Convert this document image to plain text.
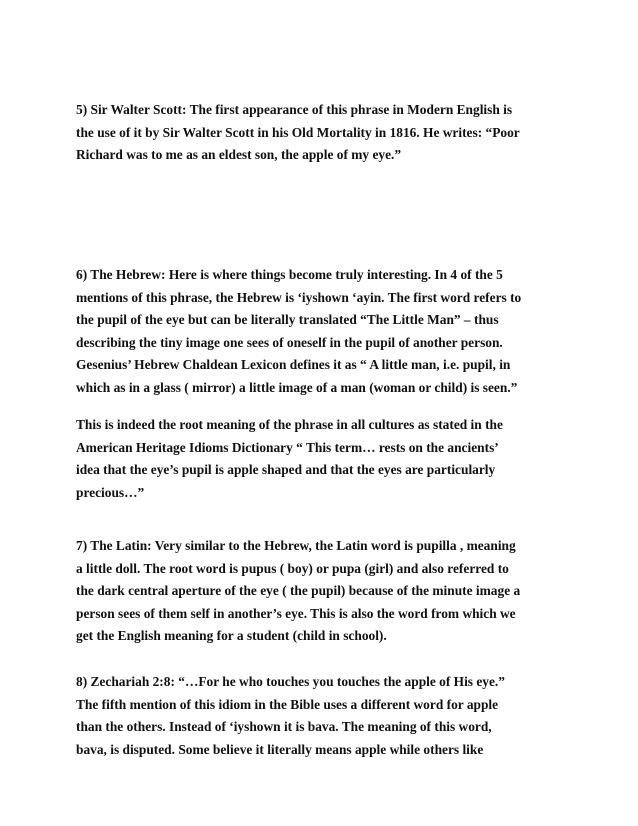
5) Sir Walter Scott: The first appearance of this phrase in Modern English is
the use of it by Sir Walter Scott in his Old Mortality in 1816. He writes: “Poor
Richard was to me as an eldest son, the apple of my eye.”
6) The Hebrew: Here is where things become truly interesting. In 4 of the 5
mentions of this phrase, the Hebrew is ‘iyshown ‘ayin. The first word refers to
the pupil of the eye but can be literally translated “The Little Man” – thus
describing the tiny image one sees of oneself in the pupil of another person.
Gesenius’ Hebrew Chaldean Lexicon defines it as “ A little man, i.e. pupil, in
which as in a glass ( mirror) a little image of a man (woman or child) is seen.”
This is indeed the root meaning of the phrase in all cultures as stated in the
American Heritage Idioms Dictionary “ This term… rests on the ancients’
idea that the eye’s pupil is apple shaped and that the eyes are particularly
precious…”
7) The Latin: Very similar to the Hebrew, the Latin word is pupilla , meaning
a little doll. The root word is pupus ( boy) or pupa (girl) and also referred to
the dark central aperture of the eye ( the pupil) because of the minute image a
person sees of them self in another’s eye. This is also the word from which we
get the English meaning for a student (child in school).
8) Zechariah 2:8: “…For he who touches you touches the apple of His eye.”
The fifth mention of this idiom in the Bible uses a different word for apple
than the others. Instead of ‘iyshown it is bava. The meaning of this word,
bava, is disputed. Some believe it literally means apple while others like
